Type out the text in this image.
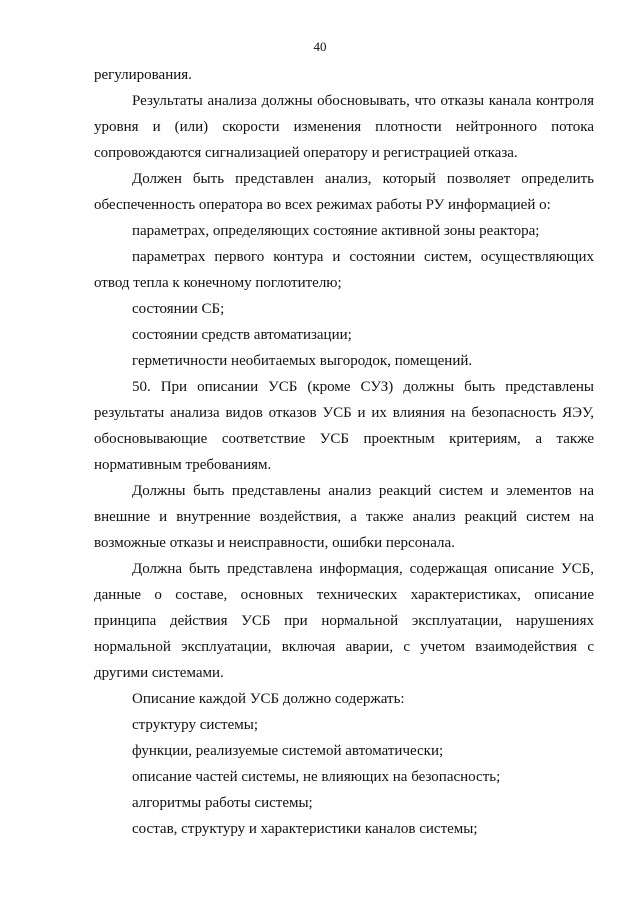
40

регулирования.

Результаты анализа должны обосновывать, что отказы канала контроля уровня и (или) скорости изменения плотности нейтронного потока сопровождаются сигнализацией оператору и регистрацией отказа.

Должен быть представлен анализ, который позволяет определить обеспеченность оператора во всех режимах работы РУ информацией о:

параметрах, определяющих состояние активной зоны реактора;

параметрах первого контура и состоянии систем, осуществляющих отвод тепла к конечному поглотителю;

состоянии СБ;

состоянии средств автоматизации;

герметичности необитаемых выгородок, помещений.

50. При описании УСБ (кроме СУЗ) должны быть представлены результаты анализа видов отказов УСБ и их влияния на безопасность ЯЭУ, обосновывающие соответствие УСБ проектным критериям, а также нормативным требованиям.

Должны быть представлены анализ реакций систем и элементов на внешние и внутренние воздействия, а также анализ реакций систем на возможные отказы и неисправности, ошибки персонала.

Должна быть представлена информация, содержащая описание УСБ, данные о составе, основных технических характеристиках, описание принципа действия УСБ при нормальной эксплуатации, нарушениях нормальной эксплуатации, включая аварии, с учетом взаимодействия с другими системами.

Описание каждой УСБ должно содержать:

структуру системы;

функции, реализуемые системой автоматически;

описание частей системы, не влияющих на безопасность;

алгоритмы работы системы;

состав, структуру и характеристики каналов системы;
